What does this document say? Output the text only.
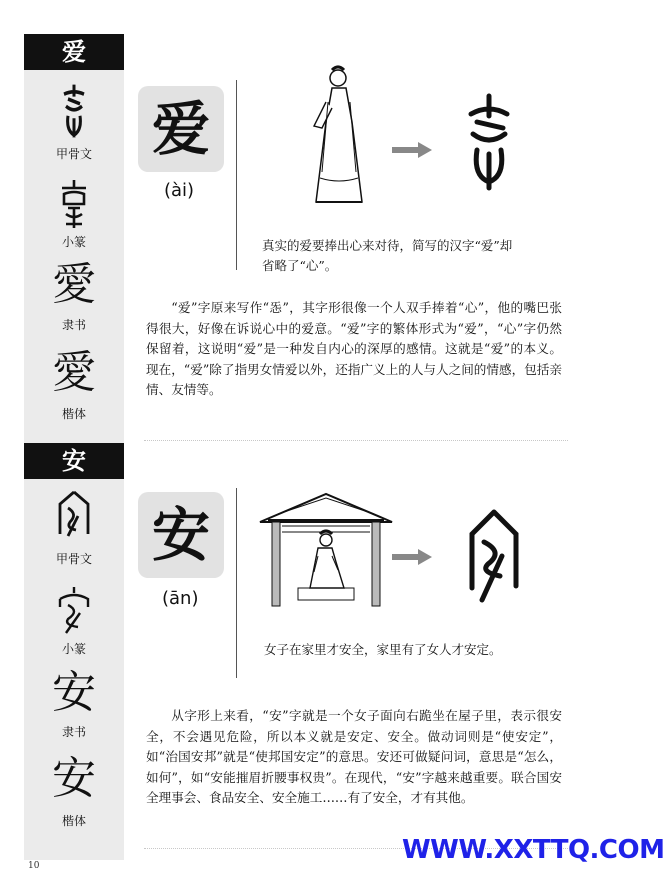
爱
甲骨文
小篆
愛
隶书
愛
楷体
安
甲骨文
小篆
安
隶书
安
楷体
爱
(ài)
真实的爱要捧出心来对待，简写的汉字“爱”却省略了“心”。
“爱”字原来写作“㤅”，其字形很像一个人双手捧着“心”，他的嘴巴张得很大，好像在诉说心中的爱意。“爱”字的繁体形式为“爱”，“心”字仍然保留着，这说明“爱”是一种发自内心的深厚的感情。这就是“爱”的本义。现在，“爱”除了指男女情爱以外，还指广义上的人与人之间的情感，包括亲情、友情等。
安
(ān)
女子在家里才安全，家里有了女人才安定。
从字形上来看，“安”字就是一个女子面向右跪坐在屋子里，表示很安全，不会遇见危险，所以本义就是安定、安全。做动词则是“使安定”，如“治国安邦”就是“使邦国安定”的意思。安还可做疑问词，意思是“怎么，如何”，如“安能摧眉折腰事权贵”。在现代，“安”字越来越重要。联合国安全理事会、食品安全、安全施工……有了安全，才有其他。
WWW.XXTTQ.COM
10
